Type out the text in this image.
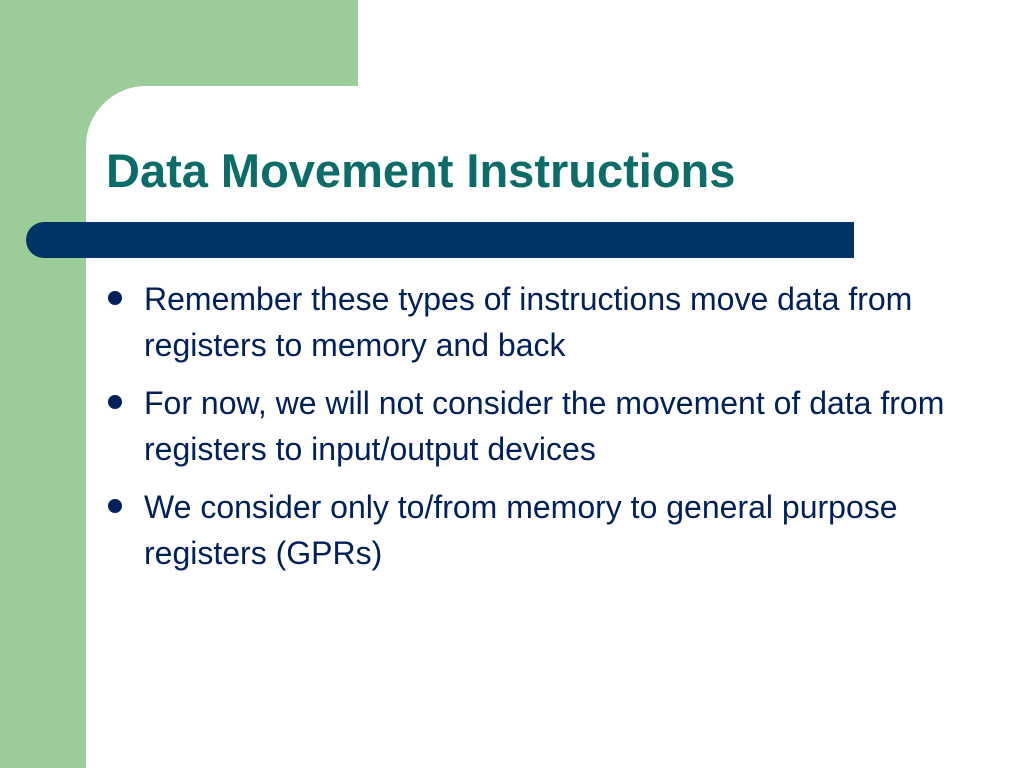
Data Movement Instructions
Remember these types of instructions move data from registers to memory and back
For now, we will not consider the movement of data from registers to input/output devices
We consider only to/from memory to general purpose registers (GPRs)
